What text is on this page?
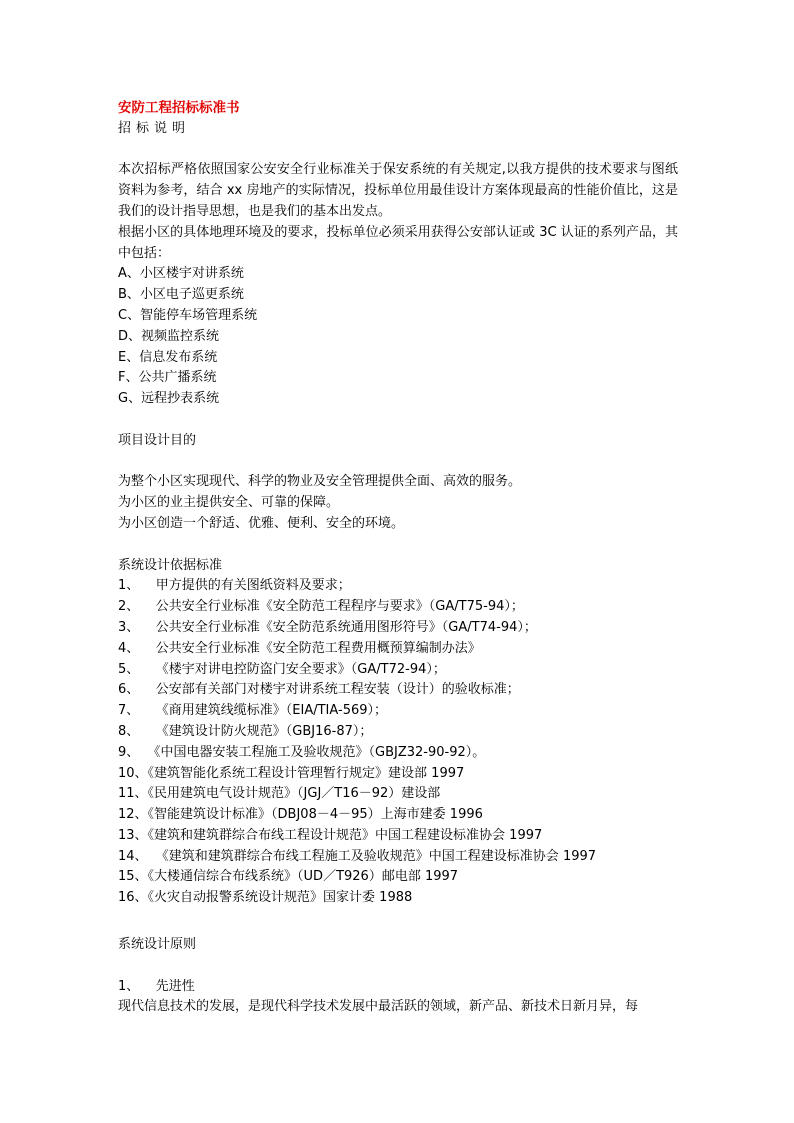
安防工程招标标准书
招标说明

本次招标严格依照国家公安安全行业标准关于保安系统的有关规定,以我方提供的技术要求与图纸资料为参考，结合 xx 房地产的实际情况，投标单位用最佳设计方案体现最高的性能价值比，这是我们的设计指导思想，也是我们的基本出发点。

根据小区的具体地理环境及的要求，投标单位必须采用获得公安部认证或 3C 认证的系列产品，其中包括：

A、小区楼宇对讲系统
B、小区电子巡更系统
C、智能停车场管理系统
D、视频监控系统
E、信息发布系统
F、公共广播系统
G、远程抄表系统
项目设计目的
为整个小区实现现代、科学的物业及安全管理提供全面、高效的服务。
为小区的业主提供安全、可靠的保障。
为小区创造一个舒适、优雅、便利、安全的环境。
系统设计依据标准
1、    甲方提供的有关图纸资料及要求；
2、    公共安全行业标准《安全防范工程程序与要求》（GA/T75-94）；
3、    公共安全行业标准《安全防范系统通用图形符号》（GA/T74-94）；
4、    公共安全行业标准《安全防范工程费用概预算编制办法》
5、    《楼宇对讲电控防盗门安全要求》（GA/T72-94）；
6、    公安部有关部门对楼宇对讲系统工程安装（设计）的验收标准；
7、    《商用建筑线缆标准》（EIA/TIA-569）；
8、    《建筑设计防火规范》（GBJ16-87）；
9、  《中国电器安装工程施工及验收规范》（GBJZ32-90-92）。
10、《建筑智能化系统工程设计管理暂行规定》建设部 1997
11、《民用建筑电气设计规范》（JGJ／T16－92）建设部
12、《智能建筑设计标准》（DBJ08－4－95）上海市建委 1996
13、《建筑和建筑群综合布线工程设计规范》中国工程建设标准协会 1997
14、  《建筑和建筑群综合布线工程施工及验收规范》中国工程建设标准协会 1997
15、《大楼通信综合布线系统》（UD／T926）邮电部 1997
16、《火灾自动报警系统设计规范》国家计委 1988
系统设计原则
1、    先进性

现代信息技术的发展，是现代科学技术发展中最活跃的领域，新产品、新技术日新月异，每
